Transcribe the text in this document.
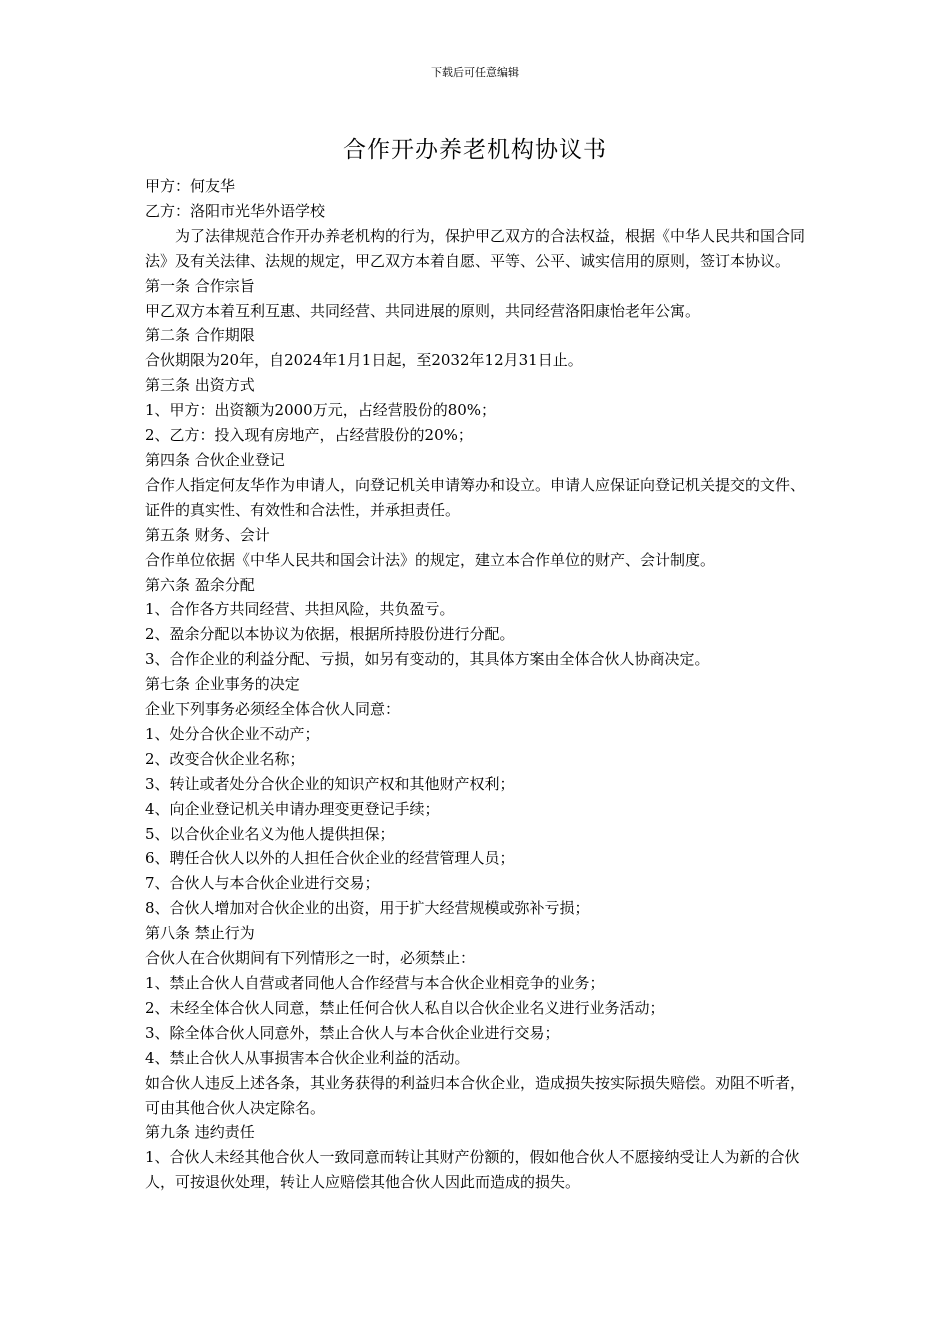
下载后可任意编辑
合作开办养老机构协议书

甲方：何友华

乙方：洛阳市光华外语学校

为了法律规范合作开办养老机构的行为，保护甲乙双方的合法权益，根据《中华人民共和国合同法》及有关法律、法规的规定，甲乙双方本着自愿、平等、公平、诚实信用的原则，签订本协议。

第一条 合作宗旨

甲乙双方本着互利互惠、共同经营、共同进展的原则，共同经营洛阳康怡老年公寓。

第二条 合作期限

合伙期限为20年，自2024年1月1日起，至2032年12月31日止。

第三条 出资方式

1、甲方：出资额为2000万元，占经营股份的80%；

2、乙方：投入现有房地产，占经营股份的20%；

第四条 合伙企业登记

合作人指定何友华作为申请人，向登记机关申请筹办和设立。申请人应保证向登记机关提交的文件、证件的真实性、有效性和合法性，并承担责任。

第五条 财务、会计

合作单位依据《中华人民共和国会计法》的规定，建立本合作单位的财产、会计制度。

第六条 盈余分配

1、合作各方共同经营、共担风险，共负盈亏。

2、盈余分配以本协议为依据，根据所持股份进行分配。

3、合作企业的利益分配、亏损，如另有变动的，其具体方案由全体合伙人协商决定。

第七条 企业事务的决定

企业下列事务必须经全体合伙人同意：

1、处分合伙企业不动产；

2、改变合伙企业名称；

3、转让或者处分合伙企业的知识产权和其他财产权利；

4、向企业登记机关申请办理变更登记手续；

5、以合伙企业名义为他人提供担保；

6、聘任合伙人以外的人担任合伙企业的经营管理人员；

7、合伙人与本合伙企业进行交易；

8、合伙人增加对合伙企业的出资，用于扩大经营规模或弥补亏损；

第八条 禁止行为

合伙人在合伙期间有下列情形之一时，必须禁止：

1、禁止合伙人自营或者同他人合作经营与本合伙企业相竞争的业务；

2、未经全体合伙人同意，禁止任何合伙人私自以合伙企业名义进行业务活动；

3、除全体合伙人同意外，禁止合伙人与本合伙企业进行交易；

4、禁止合伙人从事损害本合伙企业利益的活动。

如合伙人违反上述各条，其业务获得的利益归本合伙企业，造成损失按实际损失赔偿。劝阻不听者，可由其他合伙人决定除名。

第九条 违约责任

1、合伙人未经其他合伙人一致同意而转让其财产份额的，假如他合伙人不愿接纳受让人为新的合伙人，可按退伙处理，转让人应赔偿其他合伙人因此而造成的损失。
